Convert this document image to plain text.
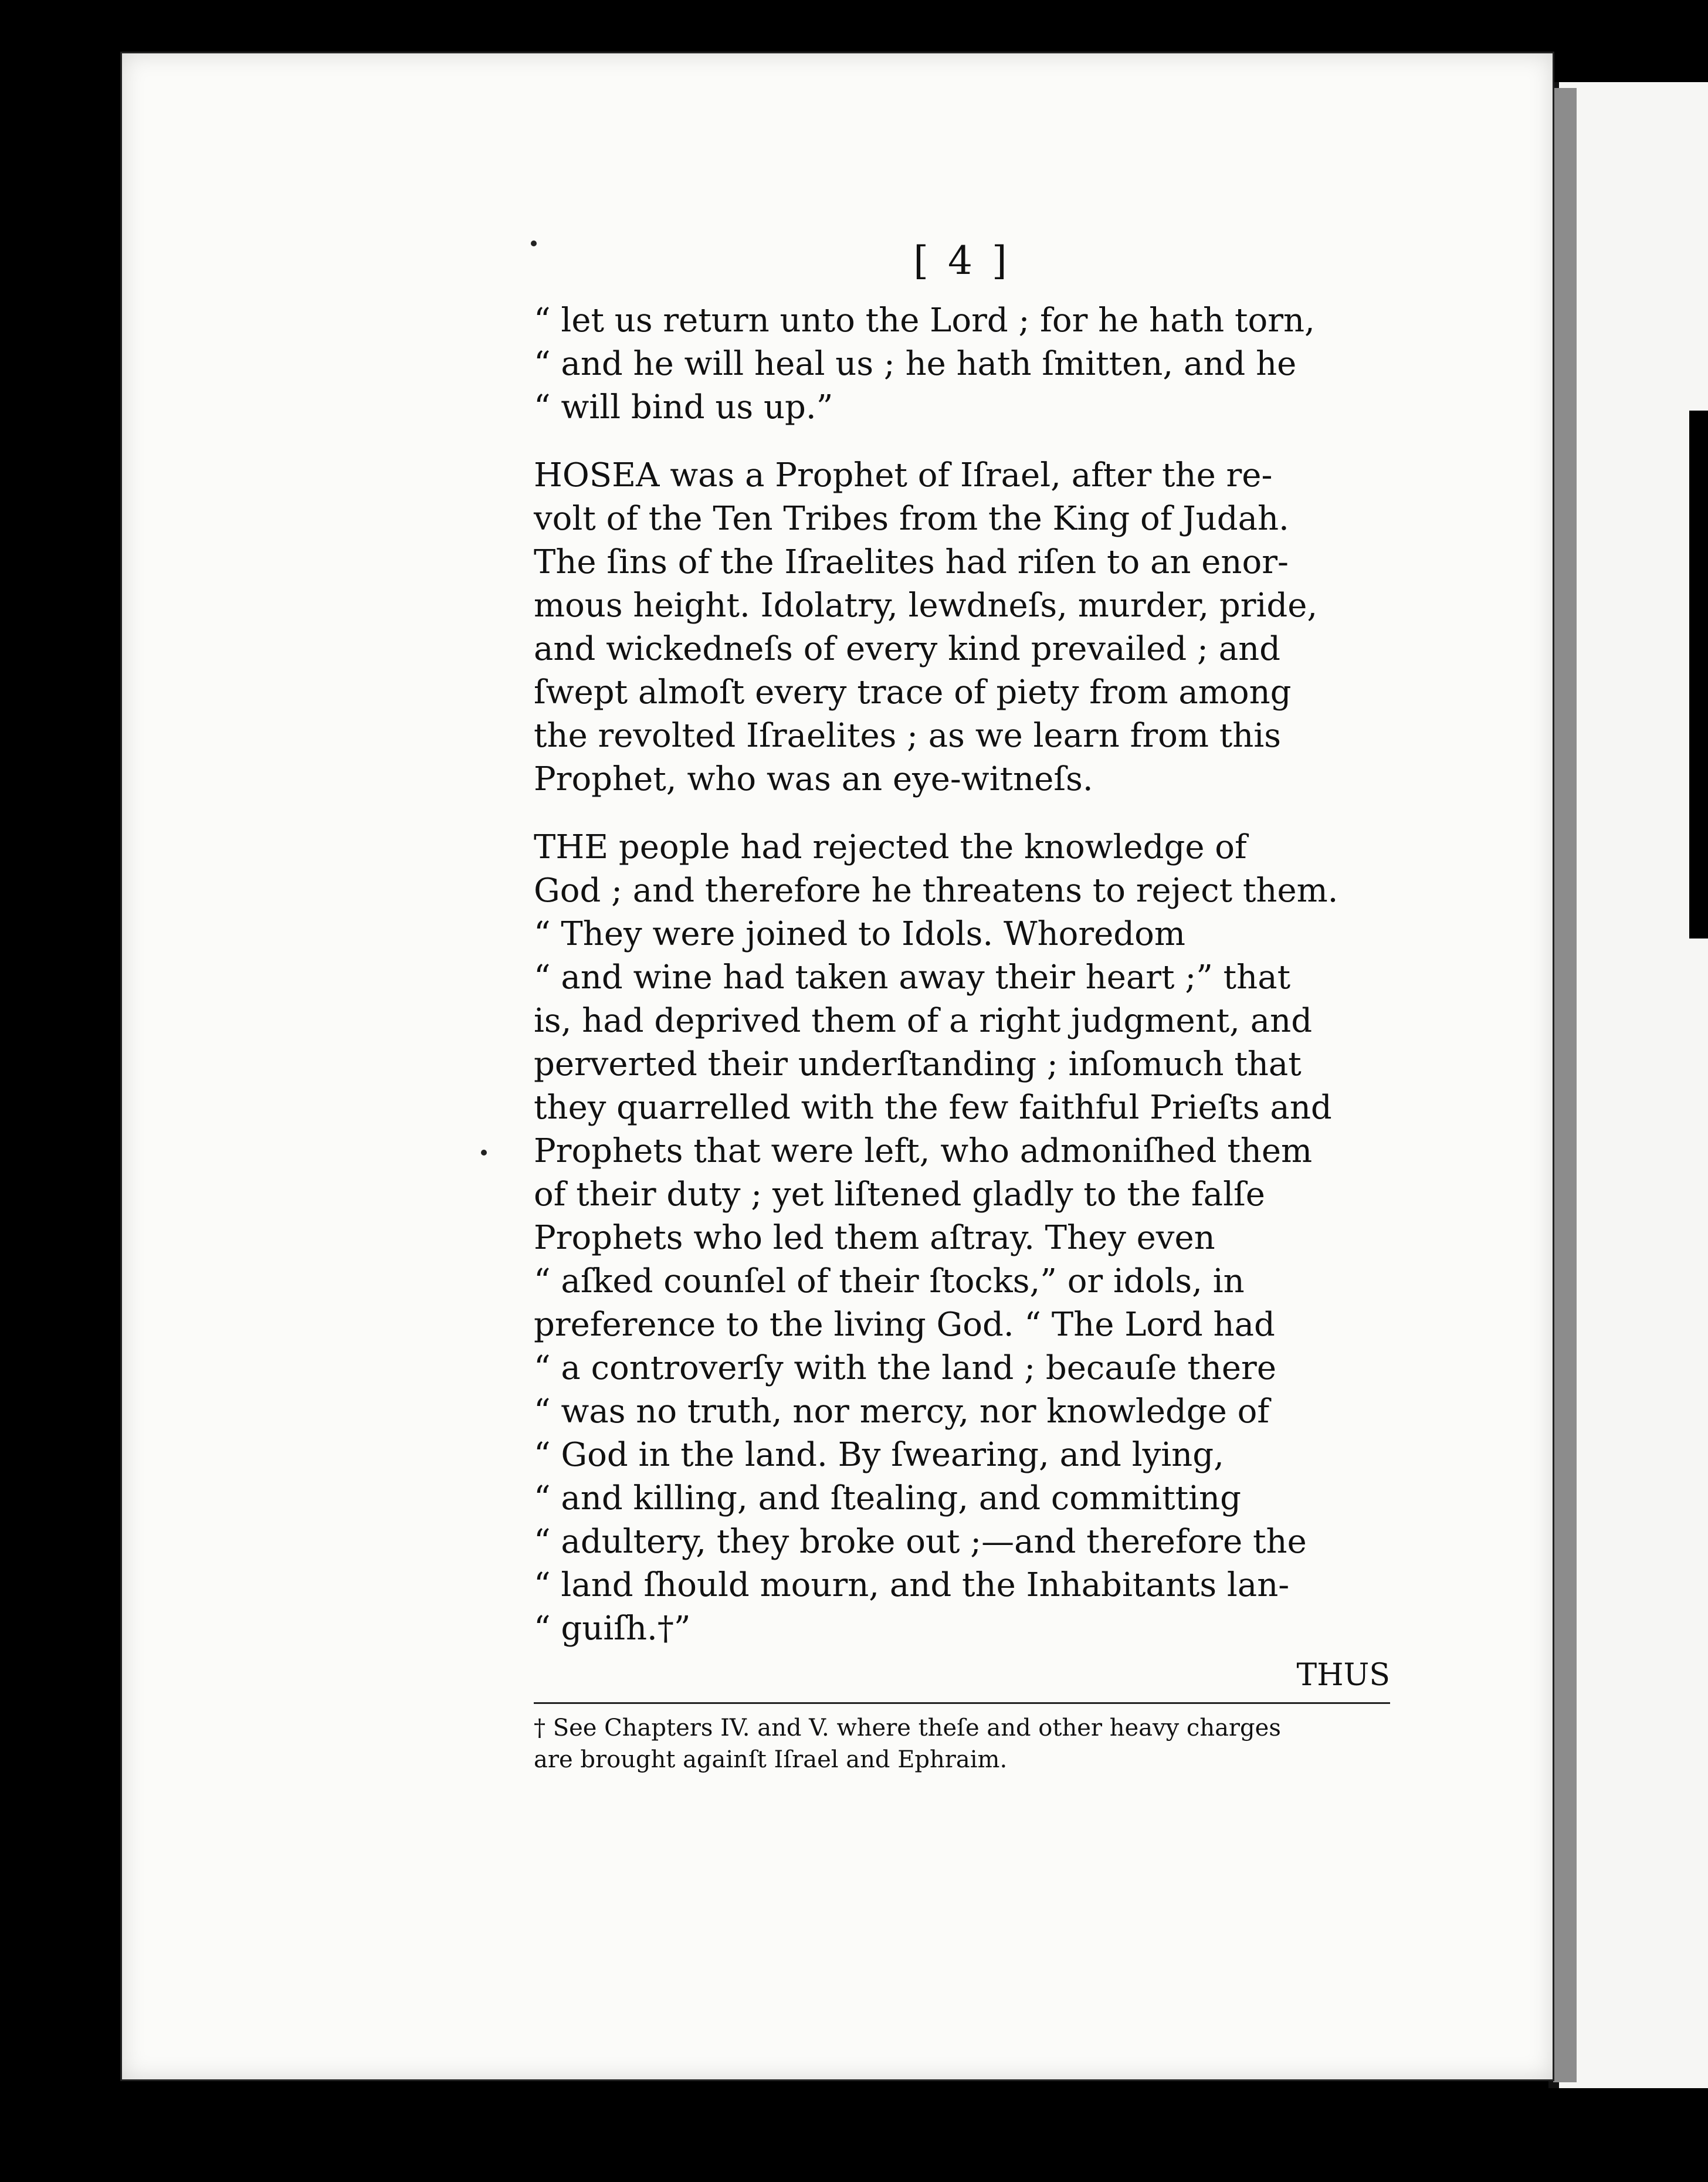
[ 4 ]
“ let us return unto the Lord ; for he hath torn,
“ and he will heal us ; he hath ſmitten, and he
“ will bind us up.”
HOSEA was a Prophet of Iſrael, after the re-
volt of the Ten Tribes from the King of Judah.
The ſins of the Iſraelites had riſen to an enor-
mous height. Idolatry, lewdneſs, murder, pride,
and wickedneſs of every kind prevailed ; and
ſwept almoſt every trace of piety from among
the revolted Iſraelites ; as we learn from this
Prophet, who was an eye-witneſs.
THE people had rejected the knowledge of
God ; and therefore he threatens to reject them.
“ They were joined to Idols. Whoredom
“ and wine had taken away their heart ;” that
is, had deprived them of a right judgment, and
perverted their underſtanding ; inſomuch that
they quarrelled with the few faithful Prieſts and
Prophets that were left, who admoniſhed them
of their duty ; yet liſtened gladly to the falſe
Prophets who led them aſtray. They even
“ aſked counſel of their ſtocks,” or idols, in
preference to the living God. “ The Lord had
“ a controverſy with the land ; becauſe there
“ was no truth, nor mercy, nor knowledge of
“ God in the land. By ſwearing, and lying,
“ and killing, and ſtealing, and committing
“ adultery, they broke out ;—and therefore the
“ land ſhould mourn, and the Inhabitants lan-
“ guiſh.†”
THUS
† See Chapters IV. and V. where theſe and other heavy charges
are brought againſt Iſrael and Ephraim.
